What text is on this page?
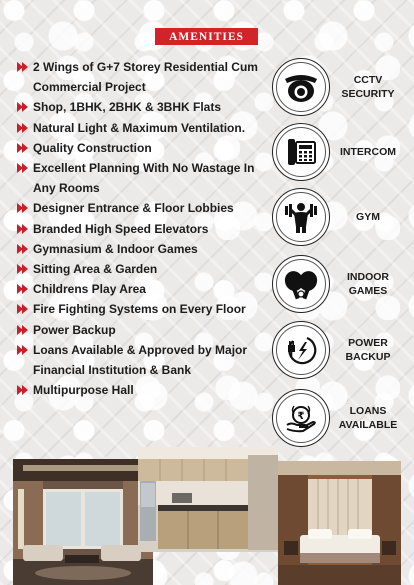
AMENITIES
2 Wings of G+7 Storey Residential Cum
Commercial Project
Shop, 1BHK, 2BHK & 3BHK Flats
Natural Light & Maximum Ventilation.
Quality Construction
Excellent Planning With No Wastage In
Any Rooms
Designer Entrance & Floor Lobbies
Branded High Speed Elevators
Gymnasium & Indoor Games
Sitting Area & Garden
Childrens Play Area
Fire Fighting Systems on Every Floor
Power Backup
Loans Available & Approved by Major
Financial Institution & Bank
Multipurpose Hall
CCTV
SECURITY
INTERCOM
GYM
INDOOR
GAMES
POWER
BACKUP
₹	LOANS
AVAILABLE
